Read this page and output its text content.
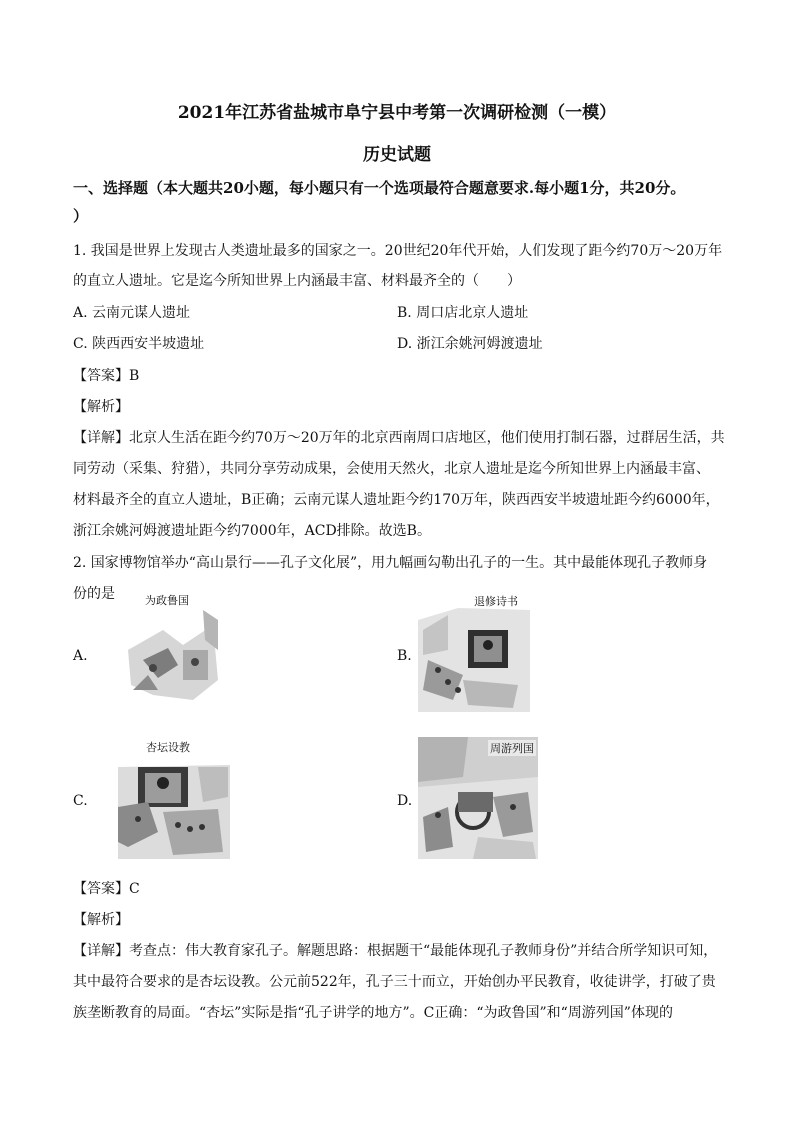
2021年江苏省盐城市阜宁县中考第一次调研检测（一模）
历史试题
一、选择题（本大题共20小题，每小题只有一个选项最符合题意要求.每小题1分，共20分。
）
1. 我国是世界上发现古人类遗址最多的国家之一。20世纪20年代开始，人们发现了距今约70万～20万年
的直立人遗址。它是迄今所知世界上内涵最丰富、材料最齐全的（　　）
A. 云南元谋人遗址	B. 周口店北京人遗址
C. 陕西西安半坡遗址	D. 浙江余姚河姆渡遗址
【答案】B
【解析】
【详解】北京人生活在距今约70万～20万年的北京西南周口店地区，他们使用打制石器，过群居生活，共
同劳动（采集、狩猎），共同分享劳动成果，会使用天然火，北京人遗址是迄今所知世界上内涵最丰富、
材料最齐全的直立人遗址，B正确；云南元谋人遗址距今约170万年，陕西西安半坡遗址距今约6000年，
浙江余姚河姆渡遗址距今约7000年，ACD排除。故选B。
2. 国家博物馆举办“高山景行——孔子文化展”，用九幅画勾勒出孔子的一生。其中最能体现孔子教师身
份的是
A.
为政鲁国
B.
退修诗书
C.
杏坛设教
D.
周游列国
【答案】C
【解析】
【详解】考查点：伟大教育家孔子。解题思路：根据题干“最能体现孔子教师身份”并结合所学知识可知，
其中最符合要求的是杏坛设教。公元前522年，孔子三十而立，开始创办平民教育，收徒讲学，打破了贵
族垄断教育的局面。“杏坛”实际是指“孔子讲学的地方”。C正确：“为政鲁国”和“周游列国”体现的
